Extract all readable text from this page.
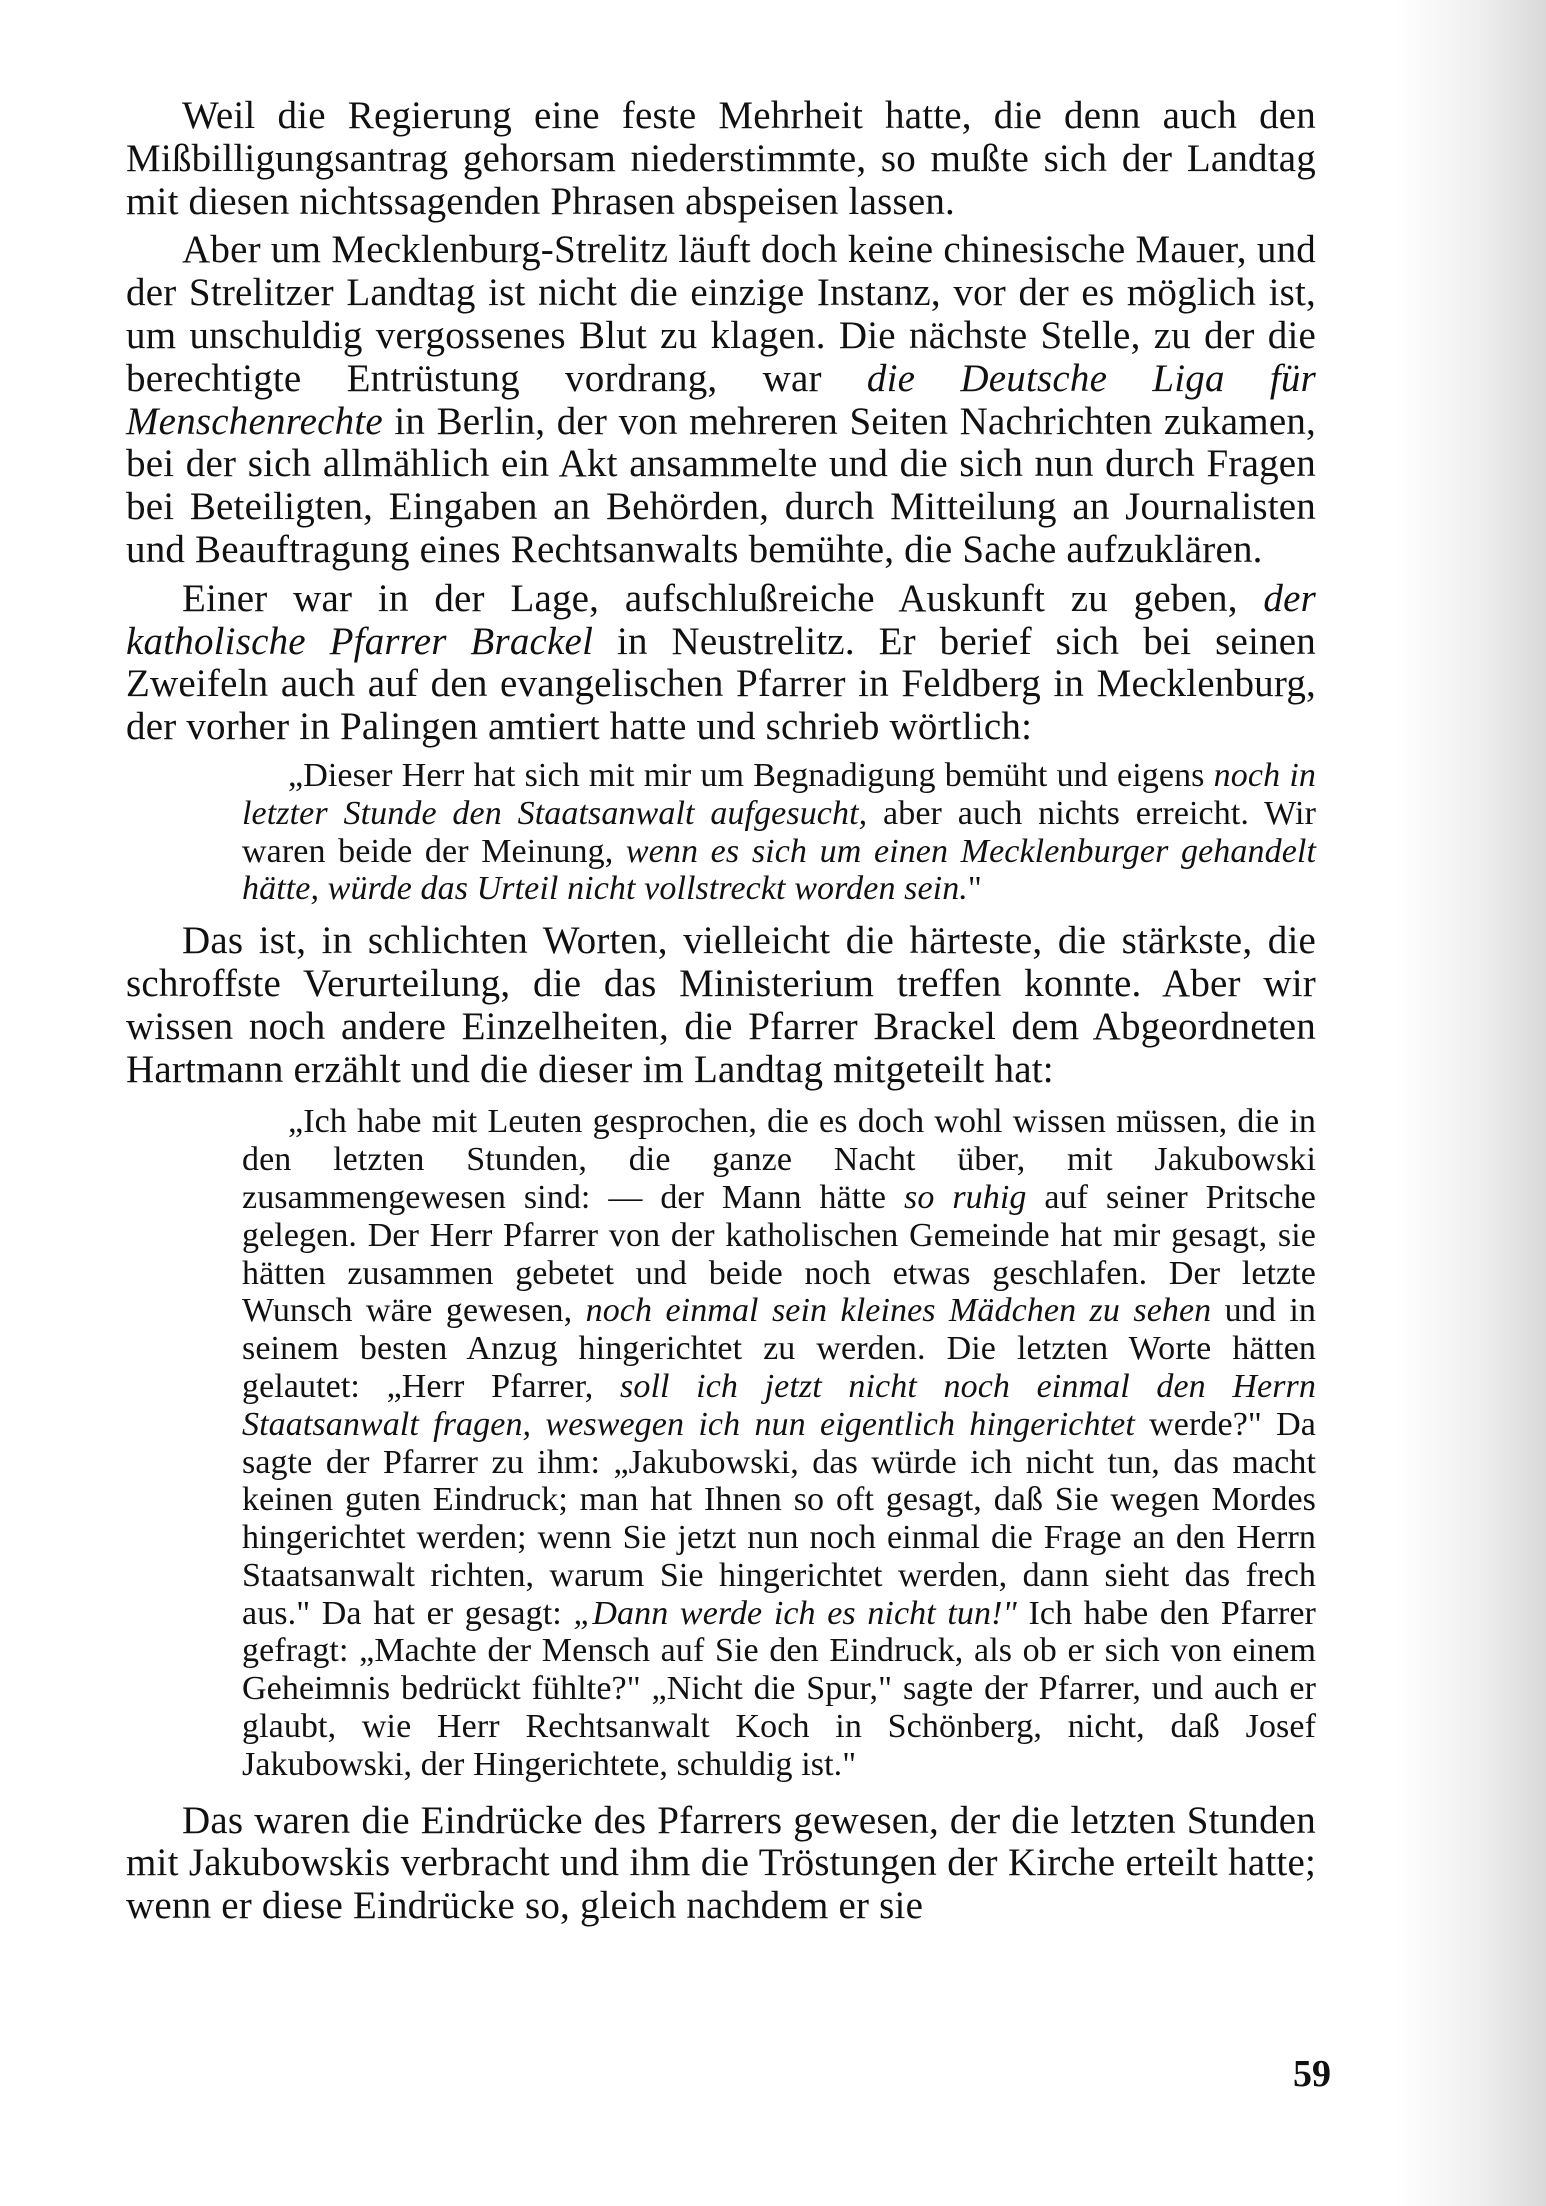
Weil die Regierung eine feste Mehrheit hatte, die denn auch den Mißbilligungsantrag gehorsam niederstimmte, so mußte sich der Landtag mit diesen nichtssagenden Phrasen abspeisen lassen.

Aber um Mecklenburg-Strelitz läuft doch keine chinesische Mauer, und der Strelitzer Landtag ist nicht die einzige Instanz, vor der es möglich ist, um unschuldig vergossenes Blut zu klagen. Die nächste Stelle, zu der die berechtigte Entrüstung vordrang, war die Deutsche Liga für Menschenrechte in Berlin, der von mehreren Seiten Nachrichten zukamen, bei der sich allmählich ein Akt ansammelte und die sich nun durch Fragen bei Beteiligten, Eingaben an Behörden, durch Mitteilung an Journalisten und Beauftragung eines Rechtsanwalts bemühte, die Sache aufzuklären.

Einer war in der Lage, aufschlußreiche Auskunft zu geben, der katholische Pfarrer Brackel in Neustrelitz. Er berief sich bei seinen Zweifeln auch auf den evangelischen Pfarrer in Feldberg in Mecklenburg, der vorher in Palingen amtiert hatte und schrieb wörtlich:

„Dieser Herr hat sich mit mir um Begnadigung bemüht und eigens noch in letzter Stunde den Staatsanwalt aufgesucht, aber auch nichts erreicht. Wir waren beide der Meinung, wenn es sich um einen Mecklenburger gehandelt hätte, würde das Urteil nicht vollstreckt worden sein."

Das ist, in schlichten Worten, vielleicht die härteste, die stärkste, die schroffste Verurteilung, die das Ministerium treffen konnte. Aber wir wissen noch andere Einzelheiten, die Pfarrer Brackel dem Abgeordneten Hartmann erzählt und die dieser im Landtag mitgeteilt hat:

„Ich habe mit Leuten gesprochen, die es doch wohl wissen müssen, die in den letzten Stunden, die ganze Nacht über, mit Jakubowski zusammengewesen sind: — der Mann hätte so ruhig auf seiner Pritsche gelegen. Der Herr Pfarrer von der katholischen Gemeinde hat mir gesagt, sie hätten zusammen gebetet und beide noch etwas geschlafen. Der letzte Wunsch wäre gewesen, noch einmal sein kleines Mädchen zu sehen und in seinem besten Anzug hingerichtet zu werden. Die letzten Worte hätten gelautet: „Herr Pfarrer, soll ich jetzt nicht noch einmal den Herrn Staatsanwalt fragen, weswegen ich nun eigentlich hingerichtet werde?" Da sagte der Pfarrer zu ihm: „Jakubowski, das würde ich nicht tun, das macht keinen guten Eindruck; man hat Ihnen so oft gesagt, daß Sie wegen Mordes hingerichtet werden; wenn Sie jetzt nun noch einmal die Frage an den Herrn Staatsanwalt richten, warum Sie hingerichtet werden, dann sieht das frech aus." Da hat er gesagt: „Dann werde ich es nicht tun!" Ich habe den Pfarrer gefragt: „Machte der Mensch auf Sie den Eindruck, als ob er sich von einem Geheimnis bedrückt fühlte?" „Nicht die Spur," sagte der Pfarrer, und auch er glaubt, wie Herr Rechtsanwalt Koch in Schönberg, nicht, daß Josef Jakubowski, der Hingerichtete, schuldig ist."

Das waren die Eindrücke des Pfarrers gewesen, der die letzten Stunden mit Jakubowskis verbracht und ihm die Tröstungen der Kirche erteilt hatte; wenn er diese Eindrücke so, gleich nachdem er sie

59
